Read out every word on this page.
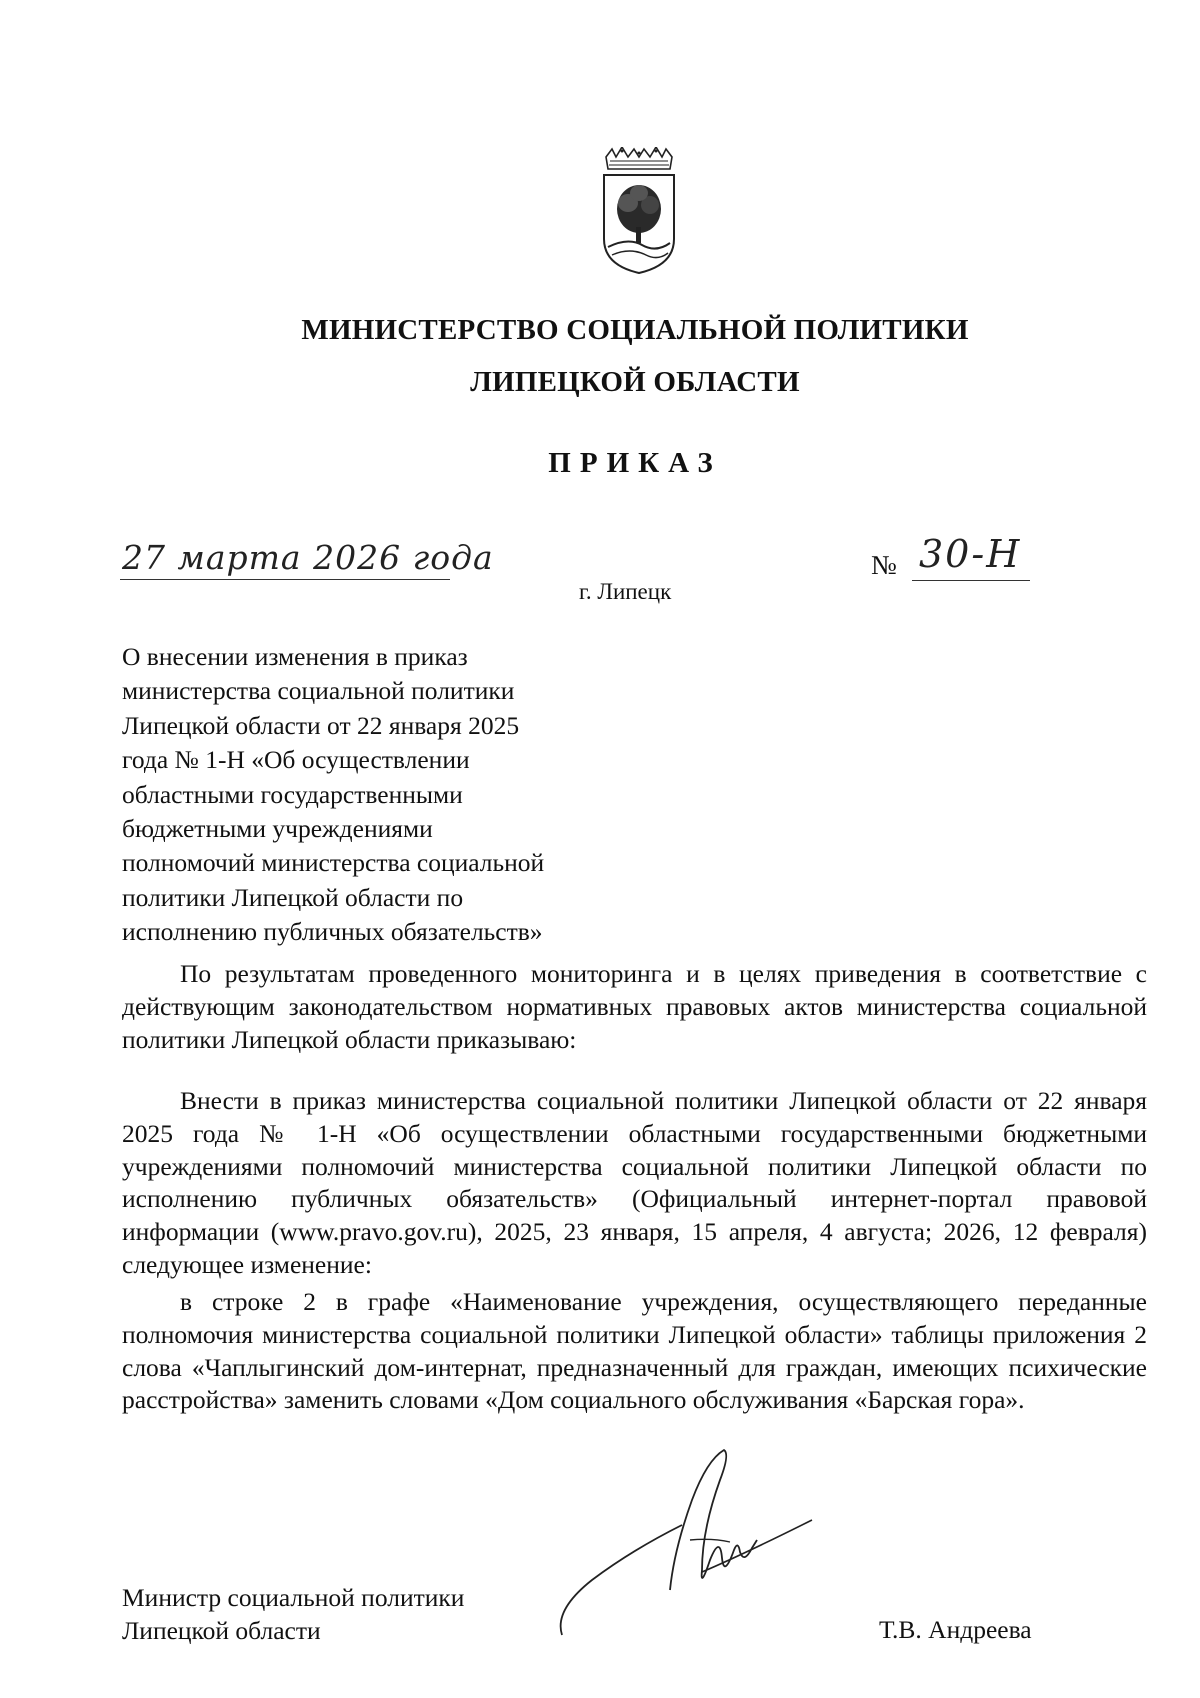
МИНИСТЕРСТВО СОЦИАЛЬНОЙ ПОЛИТИКИ
ЛИПЕЦКОЙ ОБЛАСТИ
ПРИКАЗ
27 марта 2026 года
г. Липецк
№ 30-Н
О внесении изменения в приказ
министерства социальной политики
Липецкой области от 22 января 2025
года № 1-Н «Об осуществлении
областными государственными
бюджетными учреждениями
полномочий министерства социальной
политики Липецкой области по
исполнению публичных обязательств»
По результатам проведенного мониторинга и в целях приведения в соответствие с действующим законодательством нормативных правовых актов министерства социальной политики Липецкой области приказываю:
Внести в приказ министерства социальной политики Липецкой области от 22 января 2025 года № 1-Н «Об осуществлении областными государственными бюджетными учреждениями полномочий министерства социальной политики Липецкой области по исполнению публичных обязательств» (Официальный интернет-портал правовой информации (www.pravo.gov.ru), 2025, 23 января, 15 апреля, 4 августа; 2026, 12 февраля) следующее изменение:
в строке 2 в графе «Наименование учреждения, осуществляющего переданные полномочия министерства социальной политики Липецкой области» таблицы приложения 2 слова «Чаплыгинский дом-интернат, предназначенный для граждан, имеющих психические расстройства» заменить словами «Дом социального обслуживания «Барская гора».
Министр социальной политики
Липецкой области	Т.В. Андреева
